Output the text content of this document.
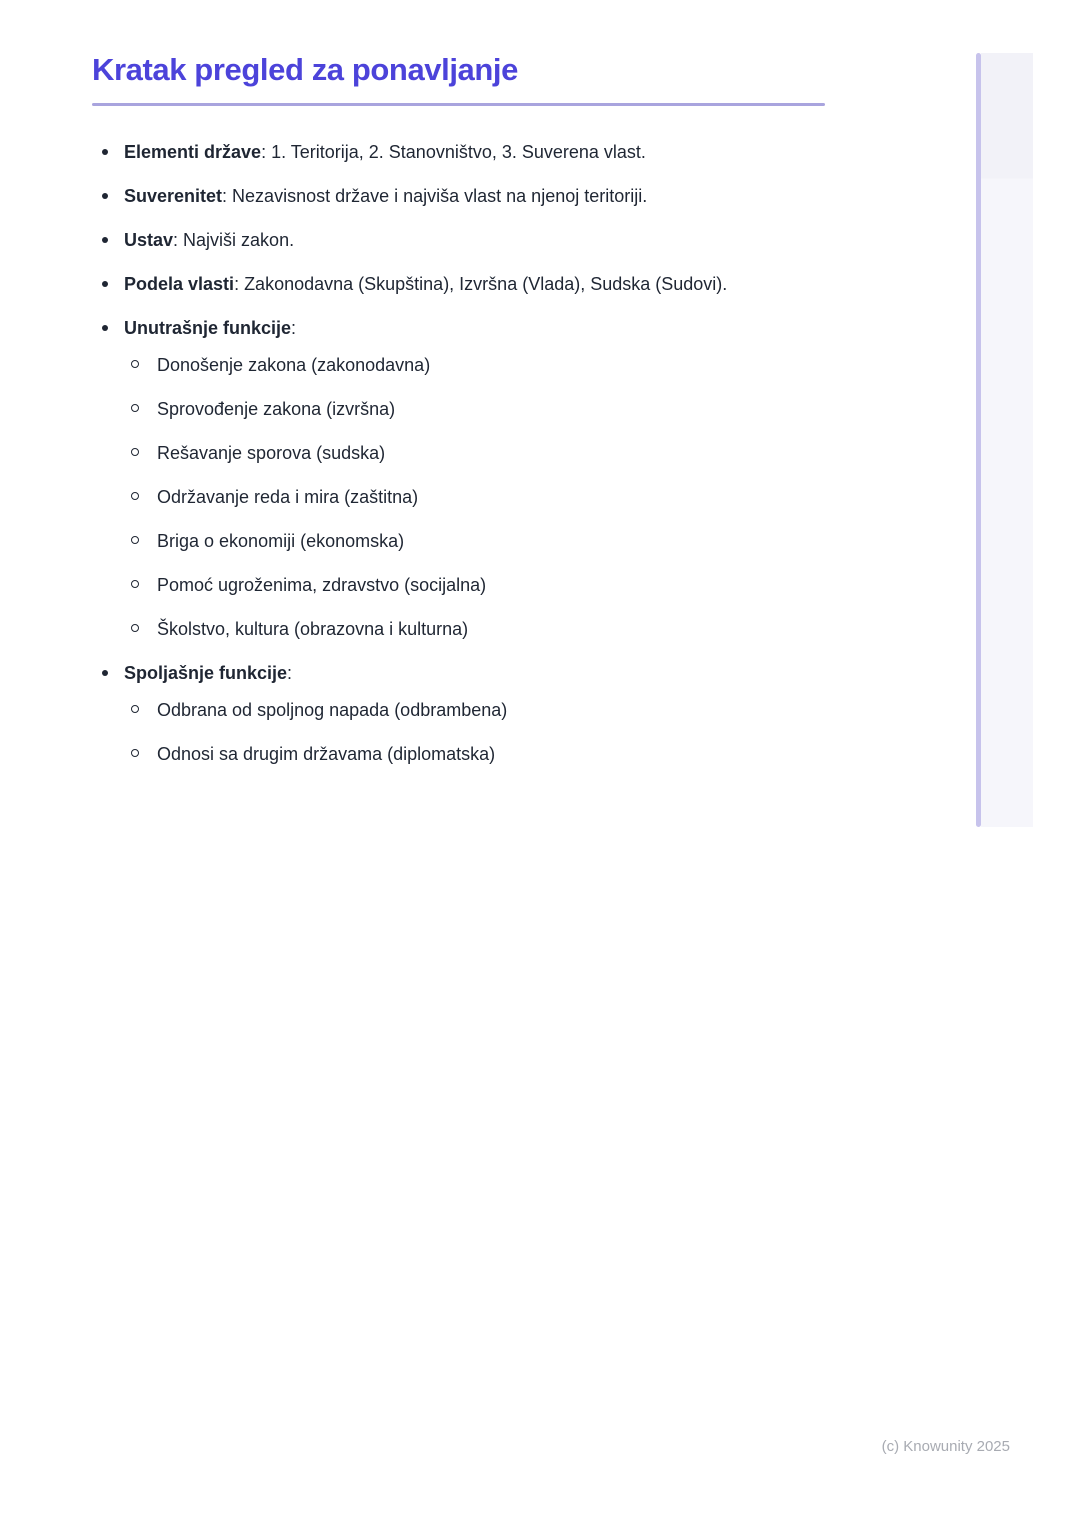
Kratak pregled za ponavljanje
Elementi države: 1. Teritorija, 2. Stanovništvo, 3. Suverena vlast.
Suverenitet: Nezavisnost države i najviša vlast na njenoj teritoriji.
Ustav: Najviši zakon.
Podela vlasti: Zakonodavna (Skupština), Izvršna (Vlada), Sudska (Sudovi).
Unutrašnje funkcije:
Donošenje zakona (zakonodavna)
Sprovođenje zakona (izvršna)
Rešavanje sporova (sudska)
Održavanje reda i mira (zaštitna)
Briga o ekonomiji (ekonomska)
Pomoć ugroženima, zdravstvo (socijalna)
Školstvo, kultura (obrazovna i kulturna)
Spoljašnje funkcije:
Odbrana od spoljnog napada (odbrambena)
Odnosi sa drugim državama (diplomatska)
(c) Knowunity 2025
